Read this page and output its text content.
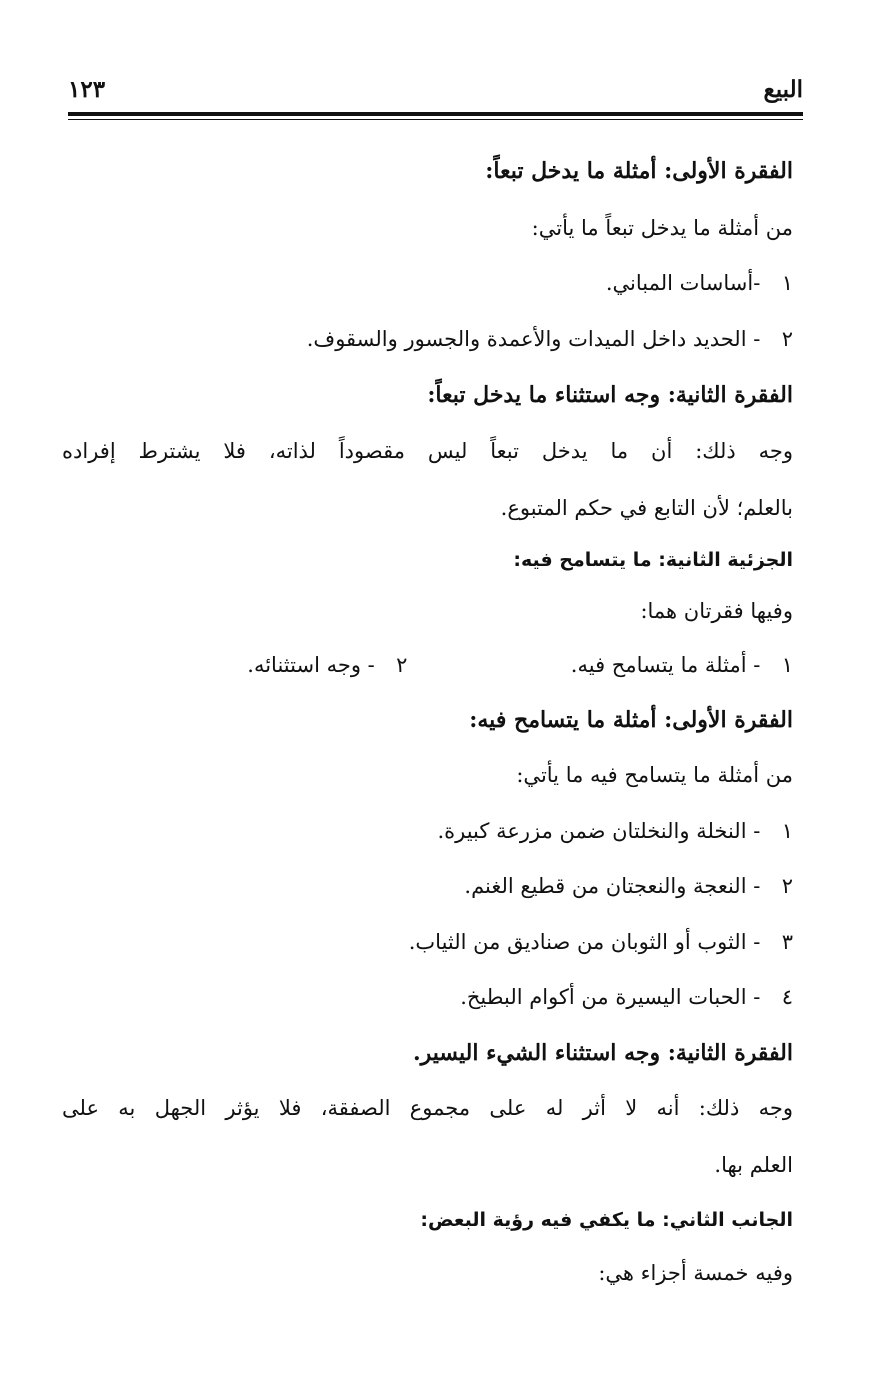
البيع
١٢٣
الفقرة الأولى: أمثلة ما يدخل تبعاً:
من أمثلة ما يدخل تبعاً ما يأتي:
١ -أساسات المباني.
٢ - الحديد داخل الميدات والأعمدة والجسور والسقوف.
الفقرة الثانية: وجه استثناء ما يدخل تبعاً:
وجه ذلك: أن ما يدخل تبعاً ليس مقصوداً لذاته، فلا يشترط إفراده
بالعلم؛ لأن التابع في حكم المتبوع.
الجزئية الثانية: ما يتسامح فيه:
وفيها فقرتان هما:
١ - أمثلة ما يتسامح فيه.  ٢ - وجه استثنائه.
الفقرة الأولى: أمثلة ما يتسامح فيه:
من أمثلة ما يتسامح فيه ما يأتي:
١ - النخلة والنخلتان ضمن مزرعة كبيرة.
٢ - النعجة والنعجتان من قطيع الغنم.
٣ - الثوب أو الثوبان من صناديق من الثياب.
٤ - الحبات اليسيرة من أكوام البطيخ.
الفقرة الثانية: وجه استثناء الشيء اليسير.
وجه ذلك: أنه لا أثر له على مجموع الصفقة، فلا يؤثر الجهل به على
العلم بها.
الجانب الثاني: ما يكفي فيه رؤية البعض:
وفيه خمسة أجزاء هي:
